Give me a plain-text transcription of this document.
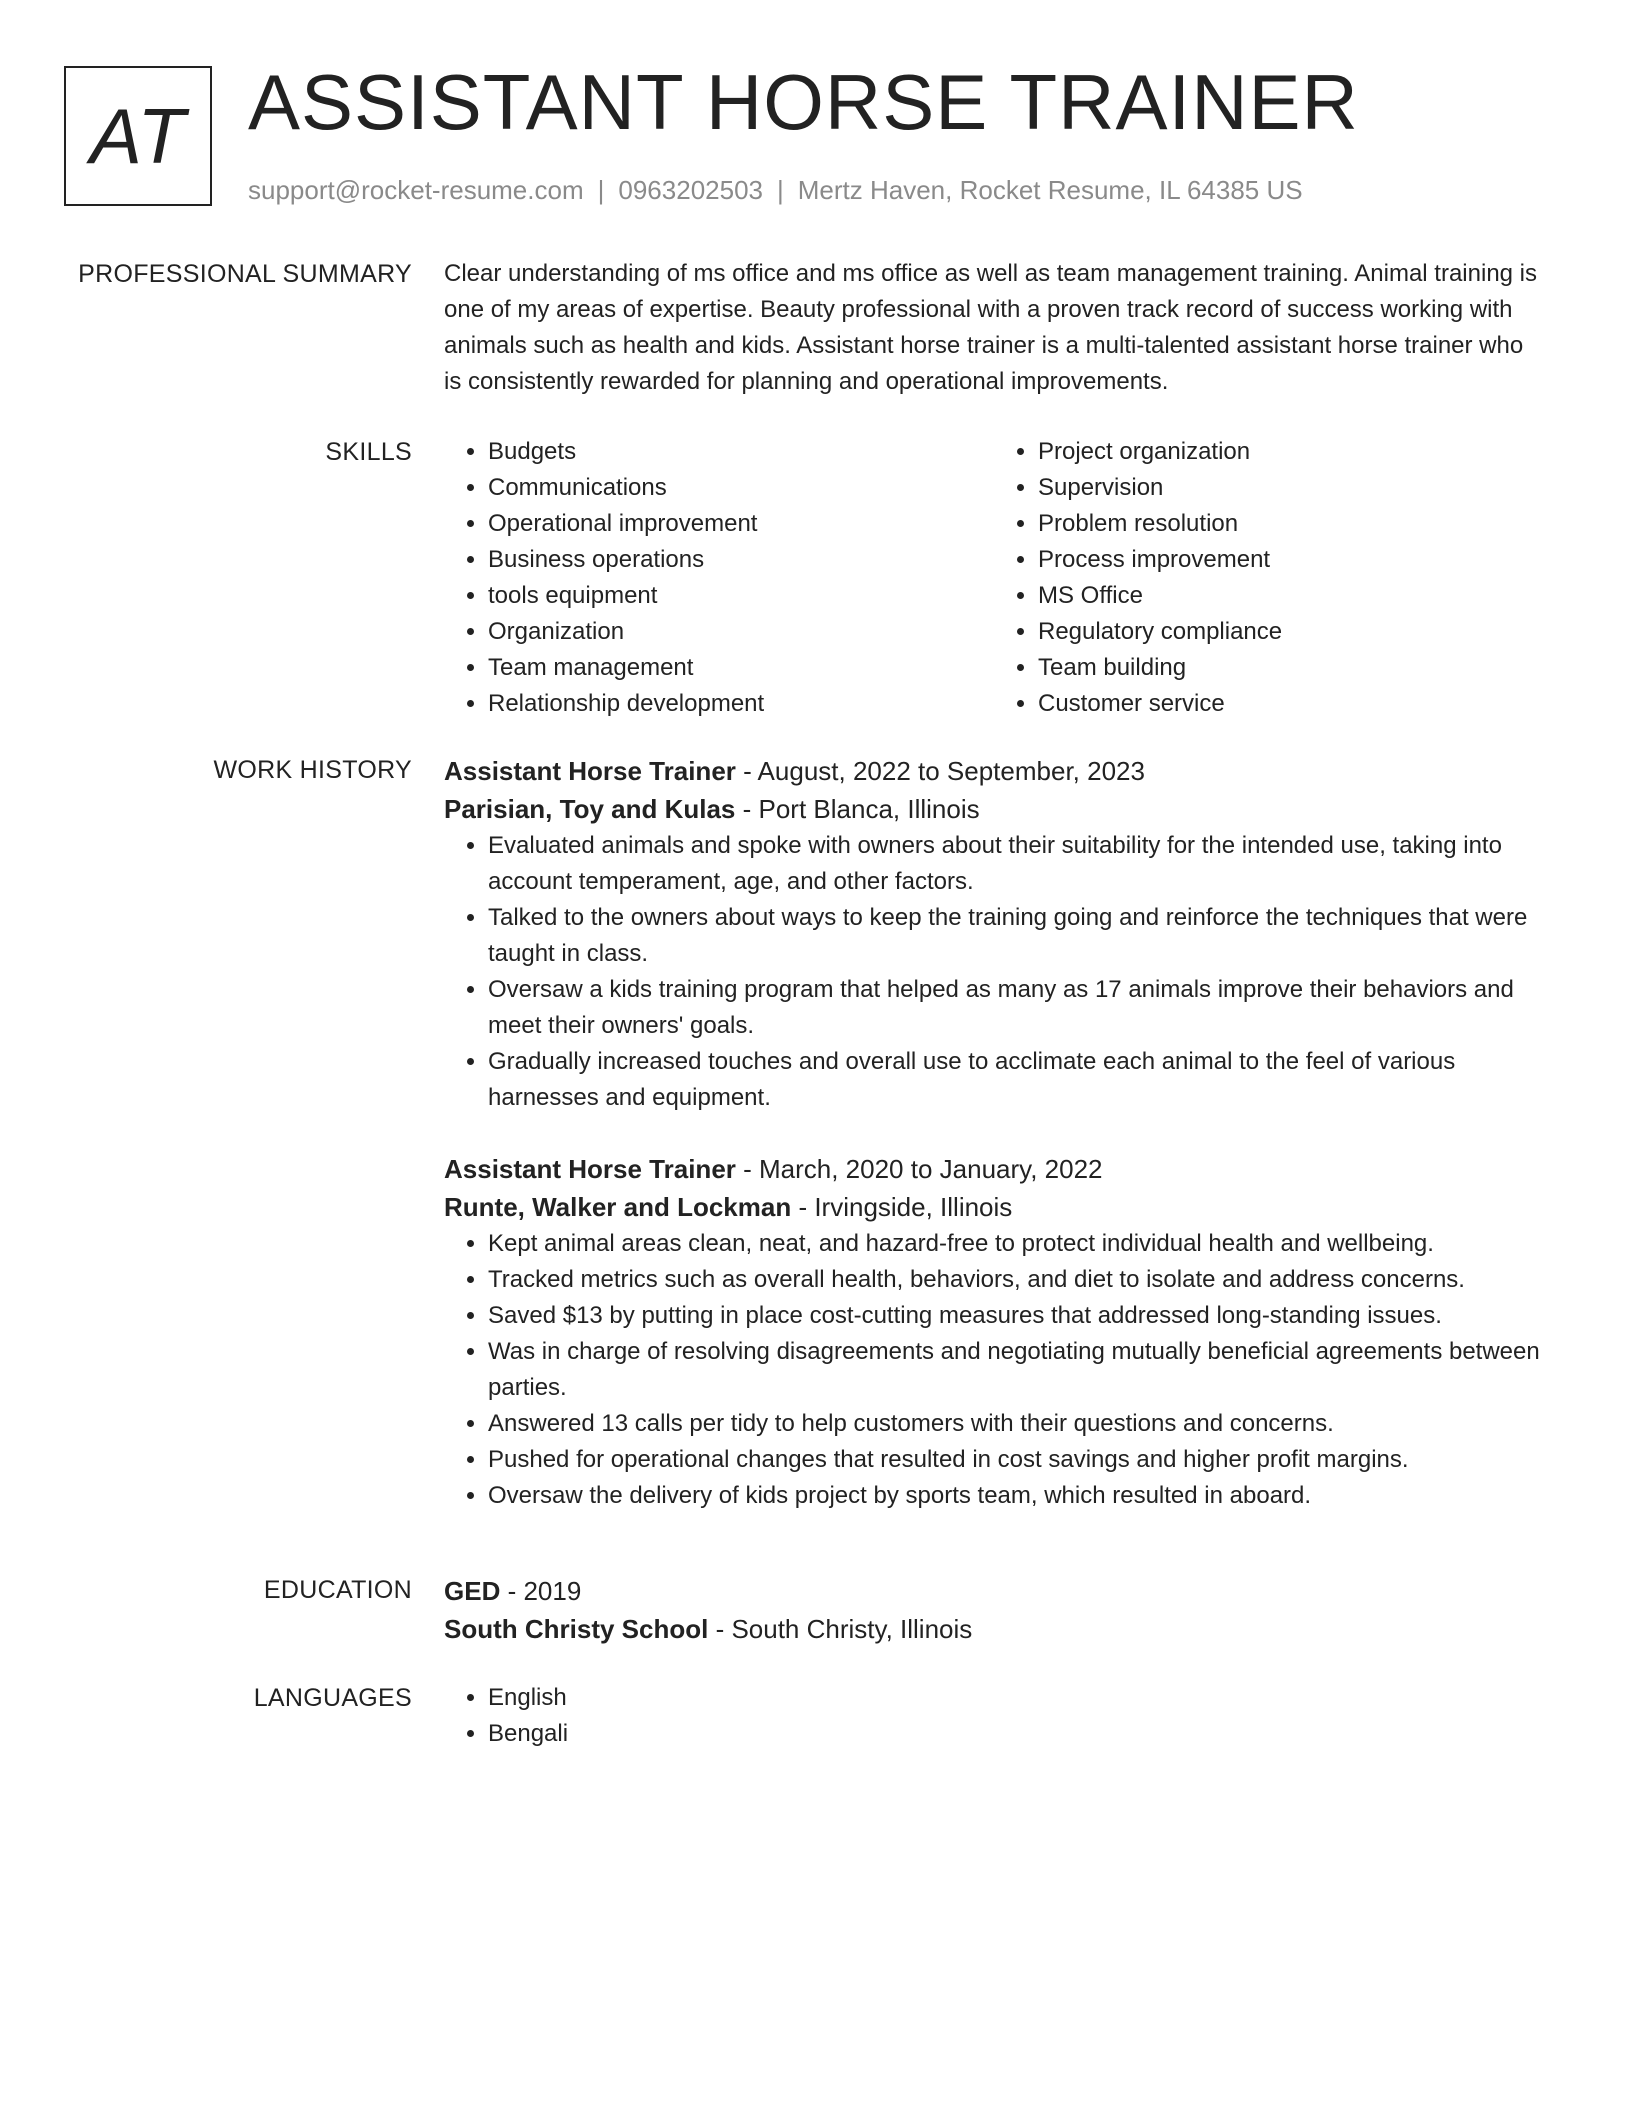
AT ASSISTANT HORSE TRAINER
support@rocket-resume.com | 0963202503 | Mertz Haven, Rocket Resume, IL 64385 US
PROFESSIONAL SUMMARY Clear understanding of ms office and ms office as well as team management training. Animal training is one of my areas of expertise. Beauty professional with a proven track record of success working with animals such as health and kids. Assistant horse trainer is a multi-talented assistant horse trainer who is consistently rewarded for planning and operational improvements.

SKILLS	• Budgets
• Communications
• Operational improvement
• Business operations
• tools equipment
• Organization
• Team management
• Relationship development
• Project organization
• Supervision
• Problem resolution
• Process improvement
• MS Office
• Regulatory compliance
• Team building
• Customer service
WORK HISTORY Assistant Horse Trainer - August, 2022 to September, 2023
Parisian, Toy and Kulas - Port Blanca, Illinois
• Evaluated animals and spoke with owners about their suitability for the intended use, taking into account temperament, age, and other factors.
• Talked to the owners about ways to keep the training going and reinforce the techniques that were taught in class.
• Oversaw a kids training program that helped as many as 17 animals improve their behaviors and meet their owners' goals.
• Gradually increased touches and overall use to acclimate each animal to the feel of various harnesses and equipment.
Assistant Horse Trainer - March, 2020 to January, 2022
Runte, Walker and Lockman - Irvingside, Illinois
• Kept animal areas clean, neat, and hazard-free to protect individual health and wellbeing.
• Tracked metrics such as overall health, behaviors, and diet to isolate and address concerns.
• Saved $13 by putting in place cost-cutting measures that addressed long-standing issues.
• Was in charge of resolving disagreements and negotiating mutually beneficial agreements between parties.
• Answered 13 calls per tidy to help customers with their questions and concerns.
• Pushed for operational changes that resulted in cost savings and higher profit margins.
• Oversaw the delivery of kids project by sports team, which resulted in aboard.
EDUCATION GED - 2019
South Christy School - South Christy, Illinois
LANGUAGES	• English
• Bengali
